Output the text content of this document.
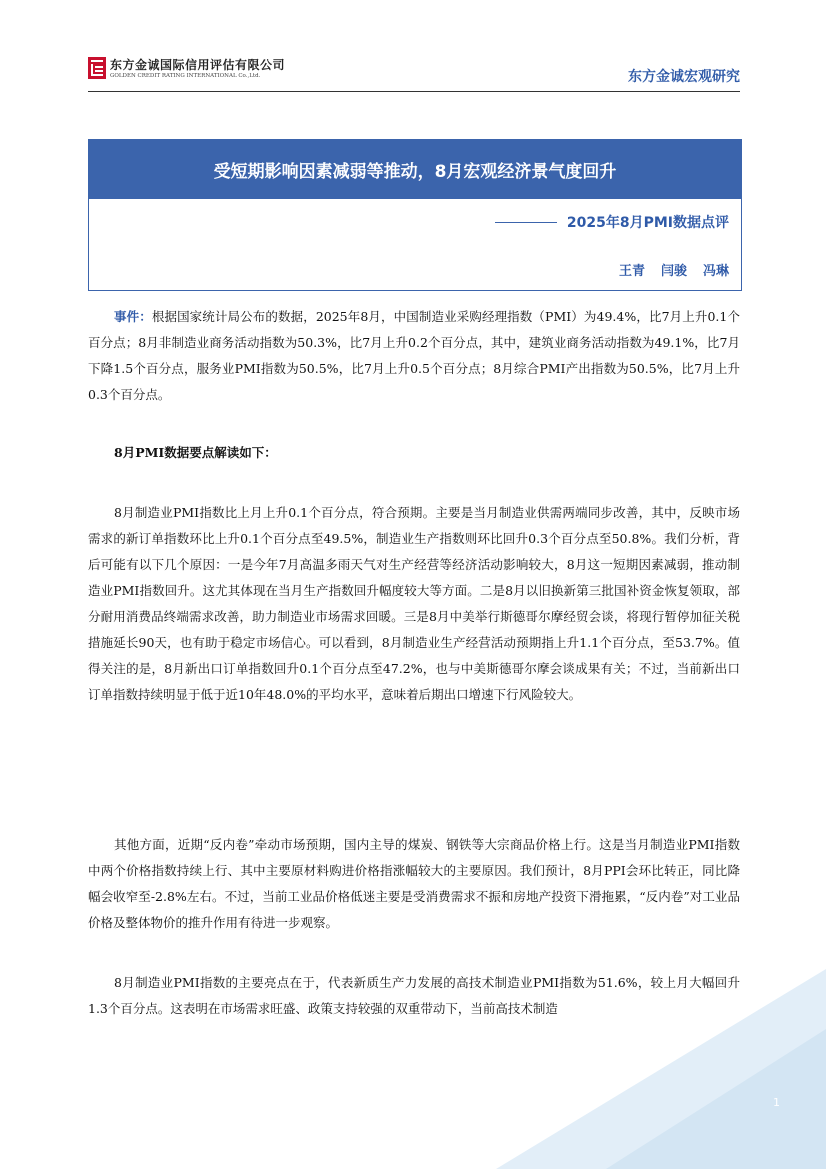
东方金诚国际信用评估有限公司
GOLDEN CREDIT RATING INTERNATIONAL Co.,Ltd.	东方金诚宏观研究
受短期影响因素减弱等推动，8月宏观经济景气度回升
2025年8月PMI数据点评
王青 闫骏 冯琳

事件：根据国家统计局公布的数据，2025年8月，中国制造业采购经理指数（PMI）为49.4%，比7月上升0.1个百分点；8月非制造业商务活动指数为50.3%，比7月上升0.2个百分点，其中，建筑业商务活动指数为49.1%，比7月下降1.5个百分点，服务业PMI指数为50.5%，比7月上升0.5个百分点；8月综合PMI产出指数为50.5%，比7月上升0.3个百分点。

8月PMI数据要点解读如下：

8月制造业PMI指数比上月上升0.1个百分点，符合预期。主要是当月制造业供需两端同步改善，其中，反映市场需求的新订单指数环比上升0.1个百分点至49.5%，制造业生产指数则环比回升0.3个百分点至50.8%。我们分析，背后可能有以下几个原因：一是今年7月高温多雨天气对生产经营等经济活动影响较大，8月这一短期因素减弱，推动制造业PMI指数回升。这尤其体现在当月生产指数回升幅度较大等方面。二是8月以旧换新第三批国补资金恢复领取，部分耐用消费品终端需求改善，助力制造业市场需求回暖。三是8月中美举行斯德哥尔摩经贸会谈，将现行暂停加征关税措施延长90天，也有助于稳定市场信心。可以看到，8月制造业生产经营活动预期指上升1.1个百分点，至53.7%。值得关注的是，8月新出口订单指数回升0.1个百分点至47.2%，也与中美斯德哥尔摩会谈成果有关；不过，当前新出口订单指数持续明显于低于近10年48.0%的平均水平，意味着后期出口增速下行风险较大。

其他方面，近期“反内卷”牵动市场预期，国内主导的煤炭、钢铁等大宗商品价格上行。这是当月制造业PMI指数中两个价格指数持续上行、其中主要原材料购进价格指涨幅较大的主要原因。我们预计，8月PPI会环比转正，同比降幅会收窄至-2.8%左右。不过，当前工业品价格低迷主要是受消费需求不振和房地产投资下滑拖累，“反内卷”对工业品价格及整体物价的推升作用有待进一步观察。

8月制造业PMI指数的主要亮点在于，代表新质生产力发展的高技术制造业PMI指数为51.6%，较上月大幅回升1.3个百分点。这表明在市场需求旺盛、政策支持较强的双重带动下，当前高技术制造

1
